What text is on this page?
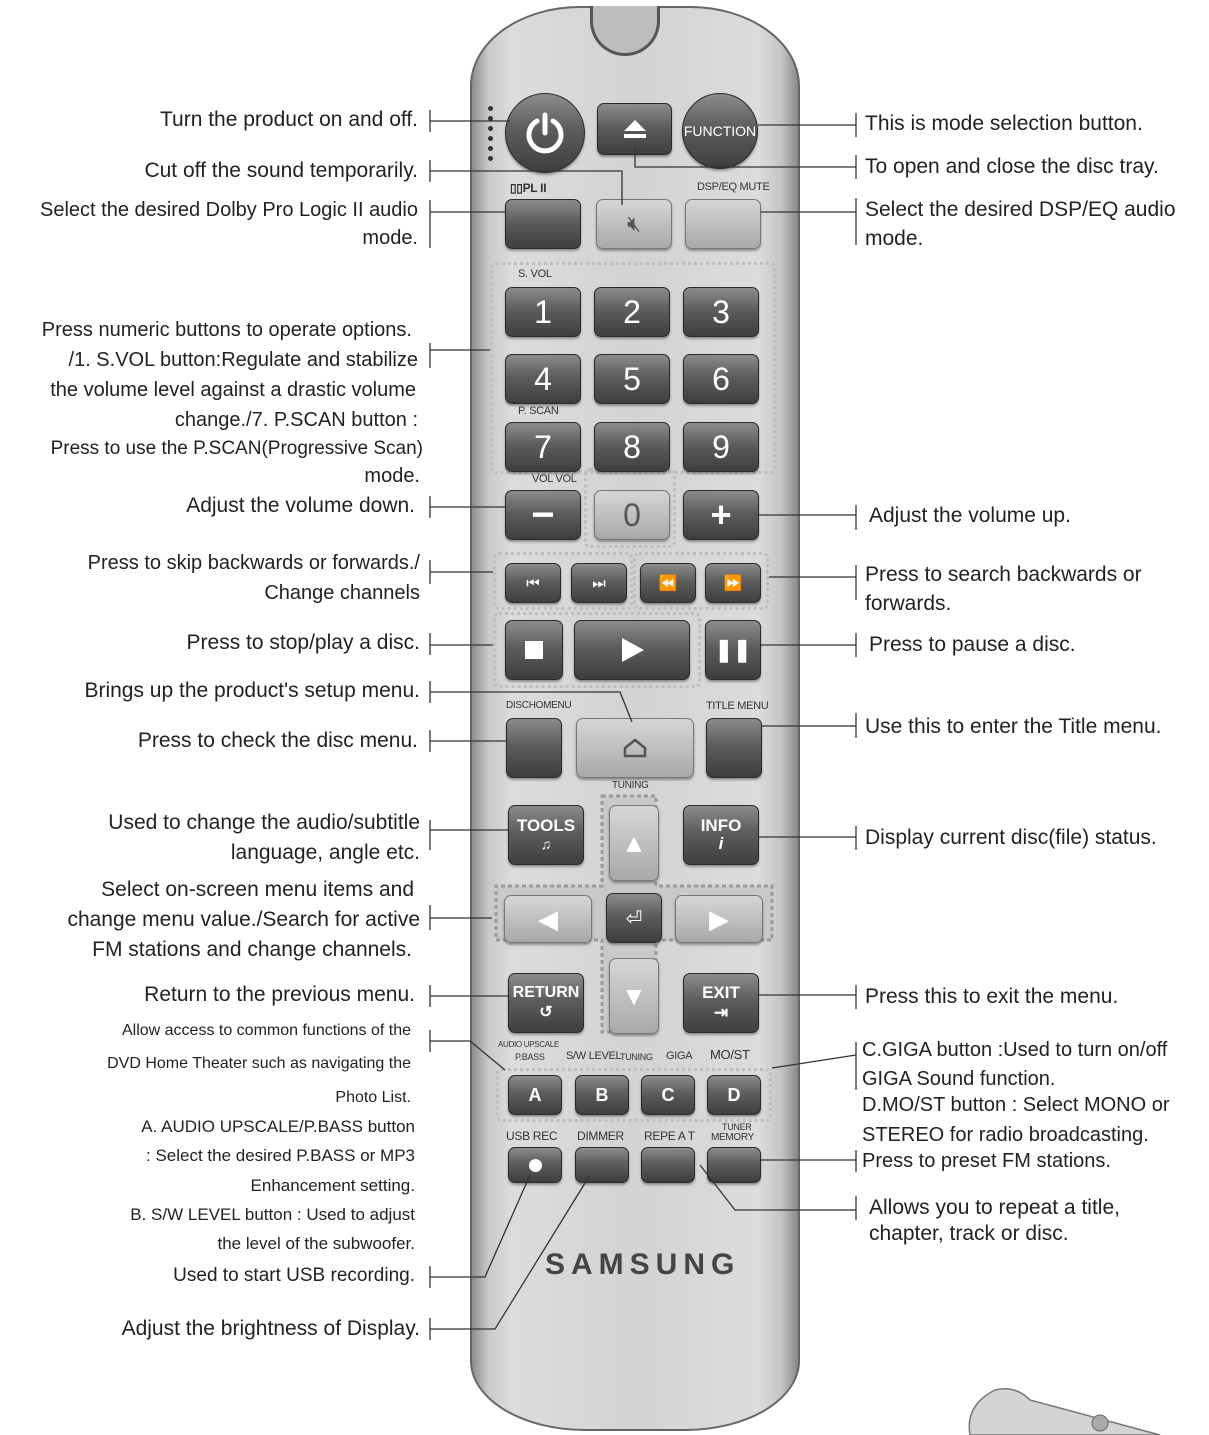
FUNCTION
▯▯PL II	DSP/EQ MUTE
🔇︎
S. VOL
1	2	3
4	5	6
P. SCAN
7	8	9
VOL VOL
−	0	+
⏮	⏭	⏪	⏩
❚❚
DISCHOMENU	TITLE MENU
TUNING
TOOLS
♫
INFO
i
▲
◀	⏎	▶
▼
RETURN
↺
EXIT
⇥
AUDIO UPSCALE
P.BASS S/W LEVEL
TUNING GIGA MO/ST
A	B	C	D
USB REC DIMMER REPE A T
TUNER
MEMORY
SAMSUNG
Turn the product on and off.
Cut off the sound temporarily.
Select the desired Dolby Pro Logic II audio
mode.
Press numeric buttons to operate options.
/1. S.VOL button:Regulate and stabilize
the volume level against a drastic volume
change./7. P.SCAN button :
Press to use the P.SCAN(Progressive Scan)
mode.
Adjust the volume down.
Press to skip backwards or forwards./
Change channels
Press to stop/play a disc.
Brings up the product's setup menu.
Press to check the disc menu.
Used to change the audio/subtitle
language, angle etc.
Select on-screen menu items and
change menu value./Search for active
FM stations and change channels.
Return to the previous menu.
Allow access to common functions of the
DVD Home Theater such as navigating the
Photo List.
A. AUDIO UPSCALE/P.BASS button
: Select the desired P.BASS or MP3
Enhancement setting.
B. S/W LEVEL button : Used to adjust
the level of the subwoofer.
Used to start USB recording.
Adjust the brightness of Display.
This is mode selection button.
To open and close the disc tray.
Select the desired DSP/EQ audio
mode.
Adjust the volume up.
Press to search backwards or
forwards.
Press to pause a disc.
Use this to enter the Title menu.
Display current disc(file) status.
Press this to exit the menu.
C.GIGA button :Used to turn on/off
GIGA Sound function.
D.MO/ST button : Select MONO or
STEREO for radio broadcasting.
Press to preset FM stations.
Allows you to repeat a title,
chapter, track or disc.
